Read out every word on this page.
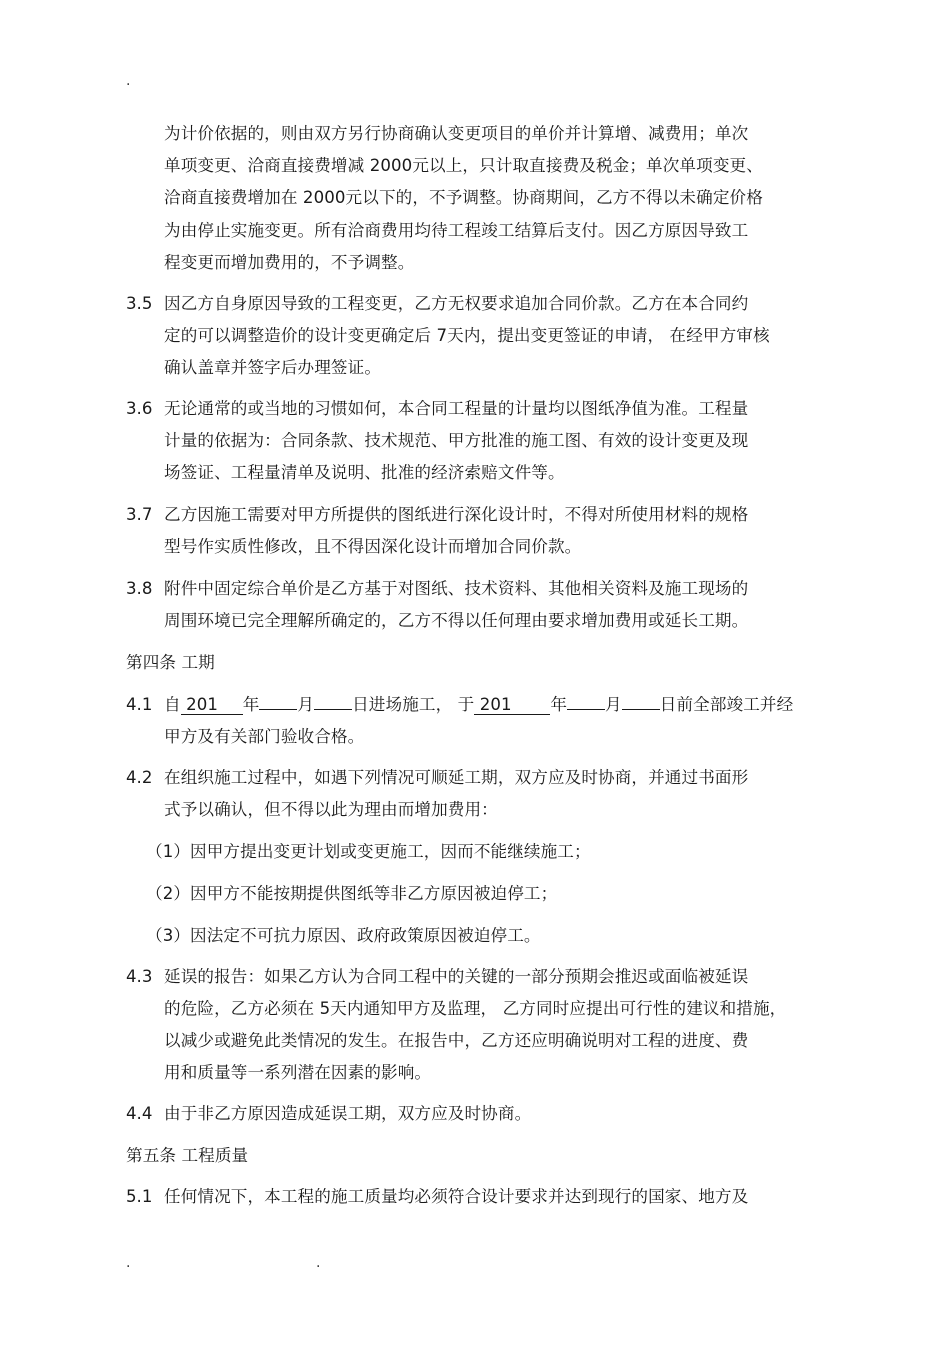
.
为计价依据的，则由双方另行协商确认变更项目的单价并计算增、减费用；单次
单项变更、洽商直接费增减 2000元以上，只计取直接费及税金；单次单项变更、
洽商直接费增加在 2000元以下的，不予调整。协商期间，乙方不得以未确定价格
为由停止实施变更。所有洽商费用均待工程竣工结算后支付。因乙方原因导致工
程变更而增加费用的，不予调整。
3.5 因乙方自身原因导致的工程变更，乙方无权要求追加合同价款。乙方在本合同约
定的可以调整造价的设计变更确定后 7天内，提出变更签证的申请， 在经甲方审核
确认盖章并签字后办理签证。
3.6 无论通常的或当地的习惯如何，本合同工程量的计量均以图纸净值为准。工程量
计量的依据为：合同条款、技术规范、甲方批准的施工图、有效的设计变更及现
场签证、工程量清单及说明、批准的经济索赔文件等。
3.7 乙方因施工需要对甲方所提供的图纸进行深化设计时，不得对所使用材料的规格
型号作实质性修改，且不得因深化设计而增加合同价款。
3.8 附件中固定综合单价是乙方基于对图纸、技术资料、其他相关资料及施工现场的
周围环境已完全理解所确定的，乙方不得以任何理由要求增加费用或延长工期。
第四条 工期
4.1 自 201 年 月 日进场施工， 于 201 年 月 日前全部竣工并经
甲方及有关部门验收合格。
4.2 在组织施工过程中，如遇下列情况可顺延工期，双方应及时协商，并通过书面形
式予以确认，但不得以此为理由而增加费用：
（1）因甲方提出变更计划或变更施工，因而不能继续施工；
（2）因甲方不能按期提供图纸等非乙方原因被迫停工；
（3）因法定不可抗力原因、政府政策原因被迫停工。
4.3 延误的报告：如果乙方认为合同工程中的关键的一部分预期会推迟或面临被延误
的危险，乙方必须在 5天内通知甲方及监理， 乙方同时应提出可行性的建议和措施，
以减少或避免此类情况的发生。在报告中，乙方还应明确说明对工程的进度、费
用和质量等一系列潜在因素的影响。
4.4 由于非乙方原因造成延误工期，双方应及时协商。
第五条 工程质量
5.1 任何情况下，本工程的施工质量均必须符合设计要求并达到现行的国家、地方及
.	.
